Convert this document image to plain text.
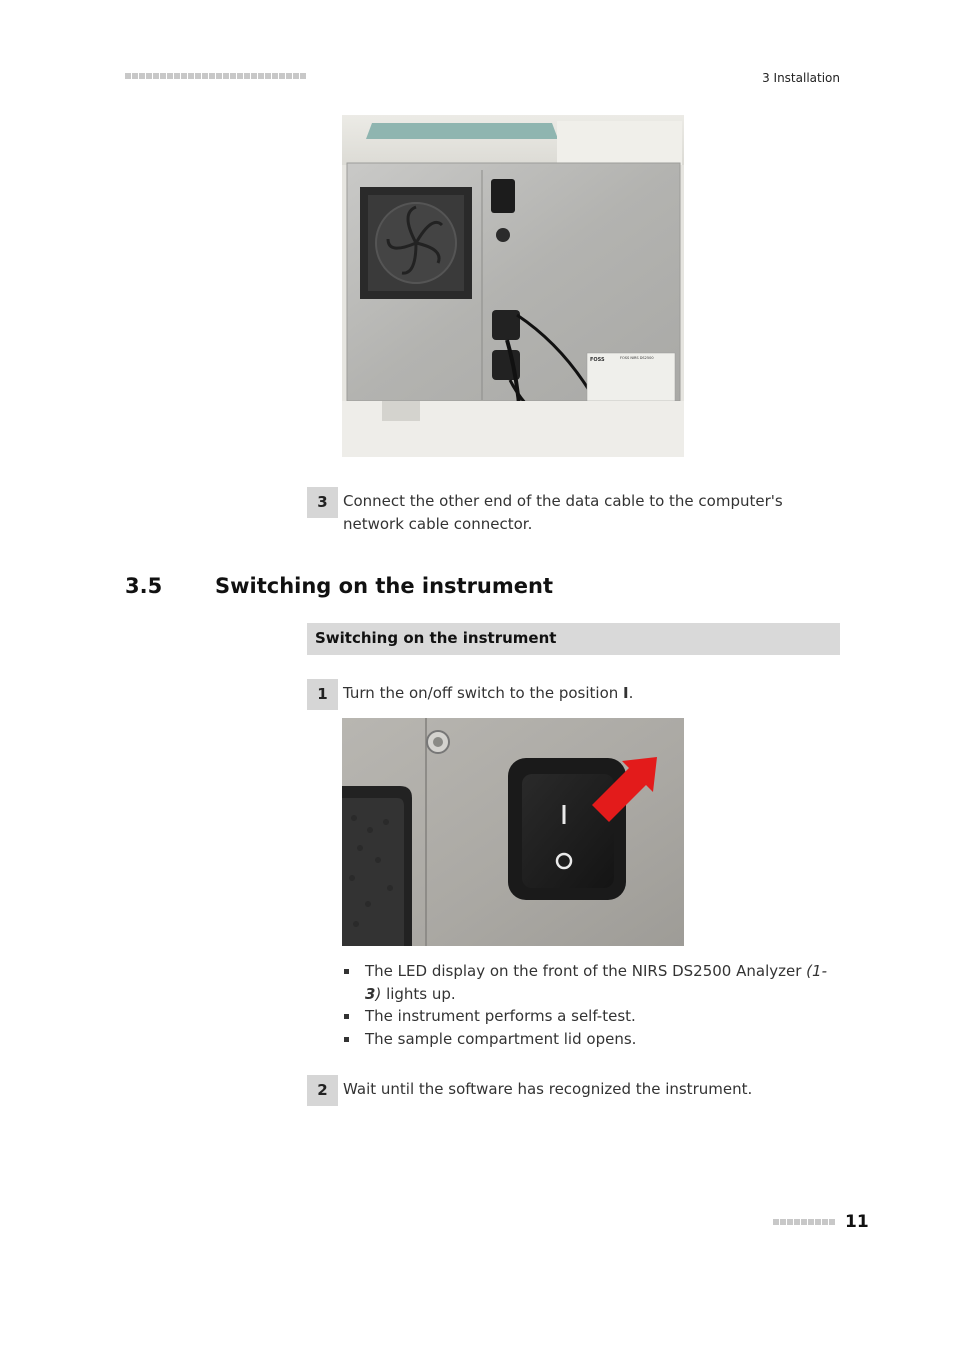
3 Installation
FOSS	FOSS NIRS DS2500
3	Connect the other end of the data cable to the computer's network cable connector.
3.5	Switching on the instrument
Switching on the instrument
1	Turn the on/off switch to the position I.
The LED display on the front of the NIRS DS2500 Analyzer (1-3) lights up.
The instrument performs a self-test.
The sample compartment lid opens.
2	Wait until the software has recognized the instrument.
11
